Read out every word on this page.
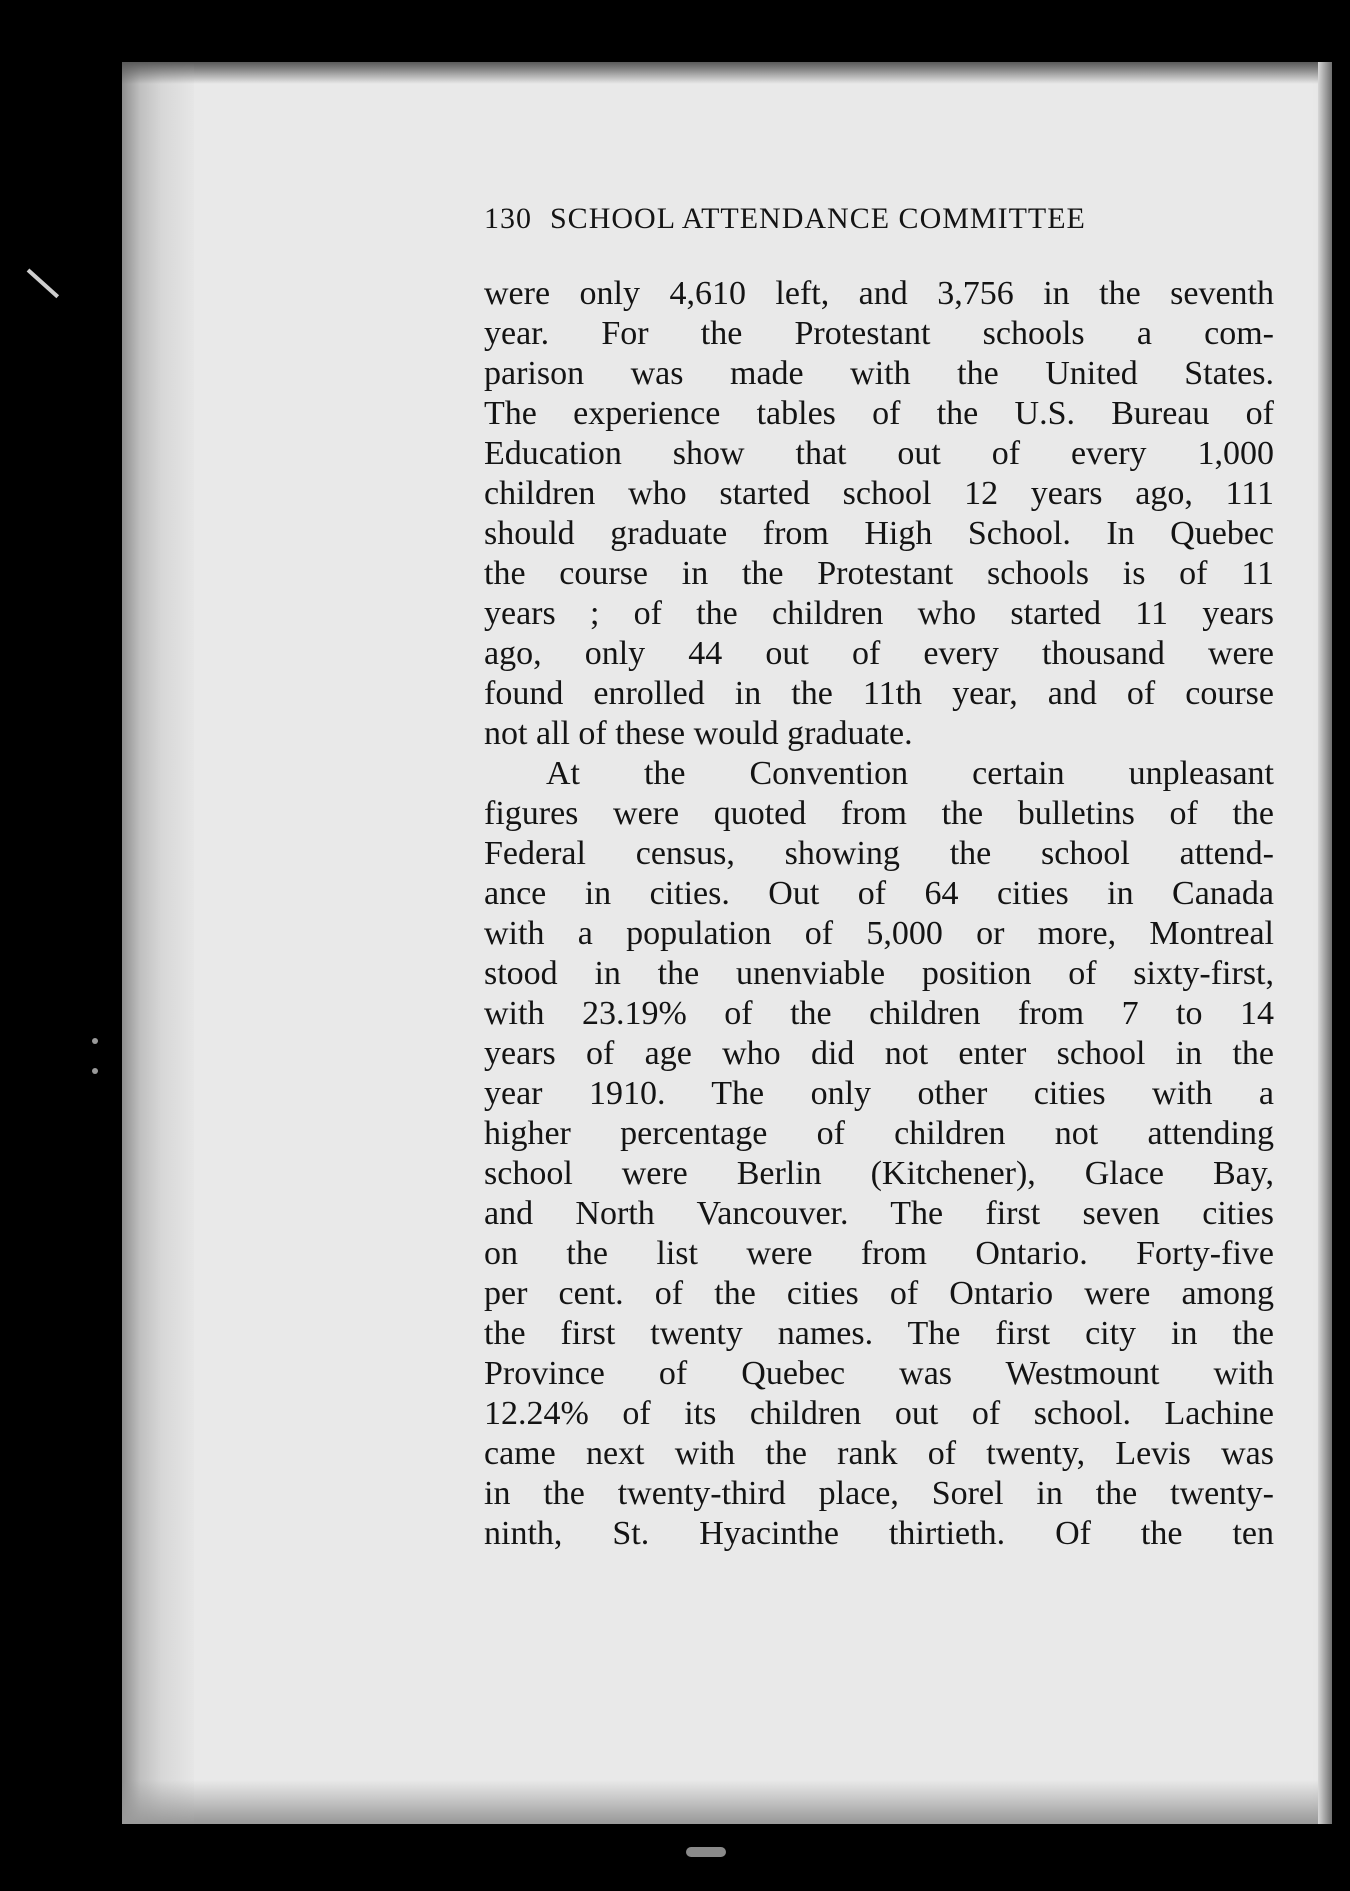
130 SCHOOL ATTENDANCE COMMITTEE
were only 4,610 left, and 3,756 in the seventh
year. For the Protestant schools a com-
parison was made with the United States.
The experience tables of the U.S. Bureau of
Education show that out of every 1,000
children who started school 12 years ago, 111
should graduate from High School. In Quebec
the course in the Protestant schools is of 11
years ; of the children who started 11 years
ago, only 44 out of every thousand were
found enrolled in the 11th year, and of course
not all of these would graduate.
At the Convention certain unpleasant
figures were quoted from the bulletins of the
Federal census, showing the school attend-
ance in cities. Out of 64 cities in Canada
with a population of 5,000 or more, Montreal
stood in the unenviable position of sixty-first,
with 23.19% of the children from 7 to 14
years of age who did not enter school in the
year 1910. The only other cities with a
higher percentage of children not attending
school were Berlin (Kitchener), Glace Bay,
and North Vancouver. The first seven cities
on the list were from Ontario. Forty-five
per cent. of the cities of Ontario were among
the first twenty names. The first city in the
Province of Quebec was Westmount with
12.24% of its children out of school. Lachine
came next with the rank of twenty, Levis was
in the twenty-third place, Sorel in the twenty-
ninth, St. Hyacinthe thirtieth. Of the ten
